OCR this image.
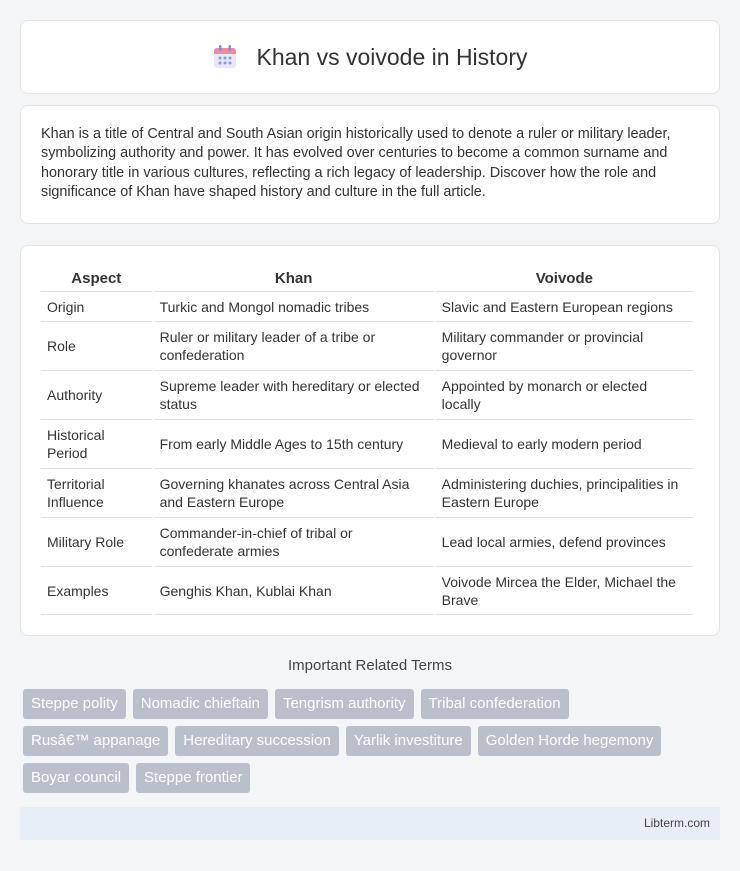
Khan vs voivode in History

Khan is a title of Central and South Asian origin historically used to denote a ruler or military leader, symbolizing authority and power. It has evolved over centuries to become a common surname and honorary title in various cultures, reflecting a rich legacy of leadership. Discover how the role and significance of Khan have shaped history and culture in the full article.

Aspect	Khan	Voivode
Origin	Turkic and Mongol nomadic tribes	Slavic and Eastern European regions
Role	Ruler or military leader of a tribe or confederation	Military commander or provincial governor
Authority	Supreme leader with hereditary or elected status	Appointed by monarch or elected locally
Historical Period	From early Middle Ages to 15th century	Medieval to early modern period
Territorial Influence	Governing khanates across Central Asia and Eastern Europe	Administering duchies, principalities in Eastern Europe
Military Role	Commander-in-chief of tribal or confederate armies	Lead local armies, defend provinces
Examples	Genghis Khan, Kublai Khan	Voivode Mircea the Elder, Michael the Brave
Important Related Terms
Steppe polity	Nomadic chieftain	Tengrism authority	Tribal confederation
Rusâ€™ appanage	Hereditary succession	Yarlik investiture	Golden Horde hegemony
Boyar council	Steppe frontier
Libterm.com
